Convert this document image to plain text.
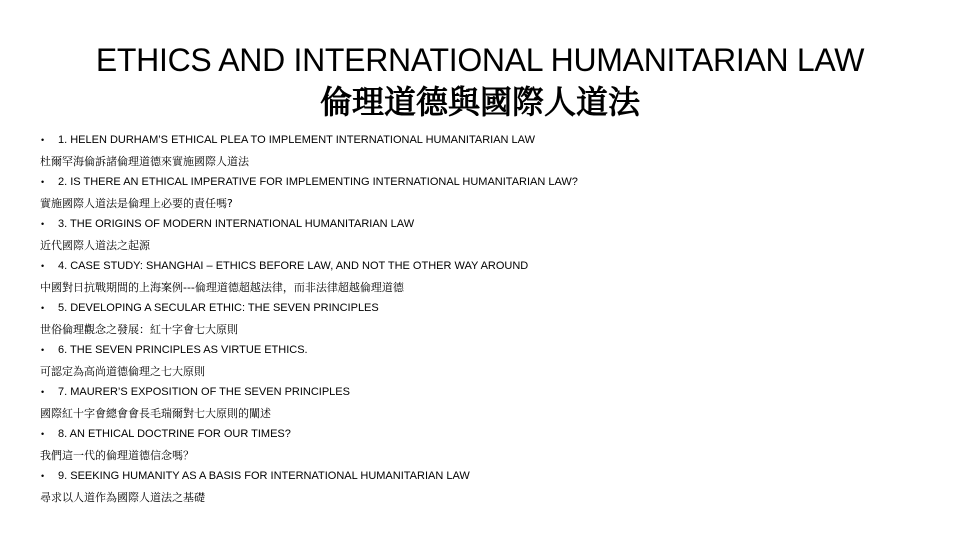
ETHICS AND INTERNATIONAL HUMANITARIAN LAW
倫理道德與國際人道法
• 1. HELEN DURHAM’S ETHICAL PLEA TO IMPLEMENT INTERNATIONAL HUMANITARIAN LAW
杜爾罕海倫訴諸倫理道德來實施國際人道法
• 2. IS THERE AN ETHICAL IMPERATIVE FOR IMPLEMENTING INTERNATIONAL HUMANITARIAN LAW?
實施國際人道法是倫理上必要的責任嗎?
• 3. THE ORIGINS OF MODERN INTERNATIONAL HUMANITARIAN LAW
近代國際人道法之起源
• 4. CASE STUDY: SHANGHAI – ETHICS BEFORE LAW, AND NOT THE OTHER WAY AROUND
中國對日抗戰期間的上海案例---倫理道德超越法律，而非法律超越倫理道德
• 5. DEVELOPING A SECULAR ETHIC: THE SEVEN PRINCIPLES
世俗倫理觀念之發展：紅十字會七大原則
• 6. THE SEVEN PRINCIPLES AS VIRTUE ETHICS.
可認定為高尚道德倫理之七大原則
• 7. MAURER’S EXPOSITION OF THE SEVEN PRINCIPLES
國際紅十字會總會會長毛瑞爾對七大原則的闡述
• 8. AN ETHICAL DOCTRINE FOR OUR TIMES?
我們這一代的倫理道德信念嗎？
• 9. SEEKING HUMANITY AS A BASIS FOR INTERNATIONAL HUMANITARIAN LAW
尋求以人道作為國際人道法之基礎
